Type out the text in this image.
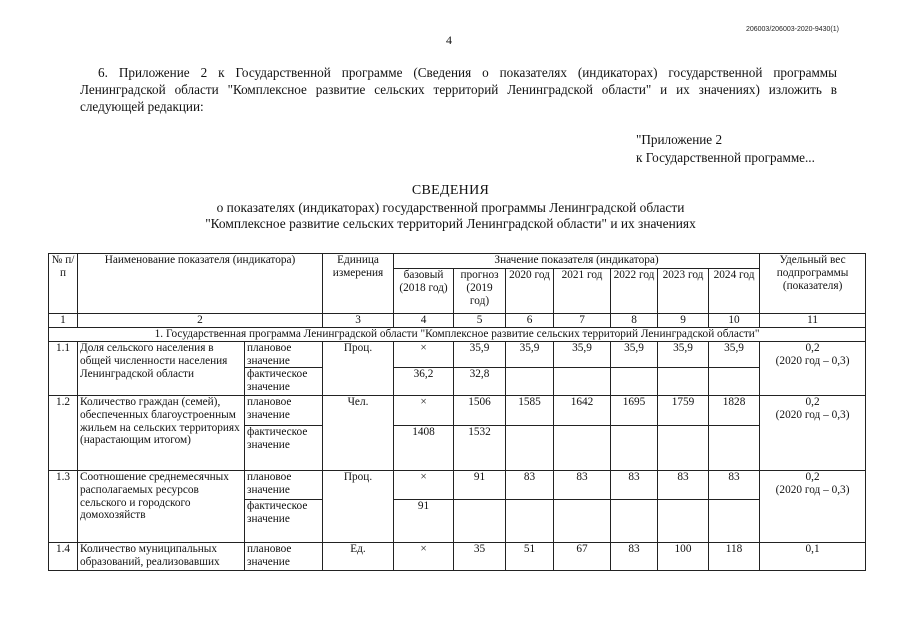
206003/206003-2020-9430(1)
4
6. Приложение 2 к Государственной программе (Сведения о показателях (индикаторах) государственной программы Ленинградской области "Комплексное развитие сельских территорий Ленинградской области" и их значениях) изложить в следующей редакции:
"Приложение 2
к Государственной программе...
СВЕДЕНИЯ
о показателях (индикаторах) государственной программы Ленинградской области
"Комплексное развитие сельских территорий Ленинградской области" и их значениях
№ п/п	Наименование показателя (индикатора)		Единица измерения	Значение показателя (индикатора)							Удельный вес подпрограммы (показателя)
				базовый (2018 год)	прогноз (2019 год)	2020 год	2021 год	2022 год	2023 год	2024 год	
1	2		3	4	5	6	7	8	9	10	11
1. Государственная программа Ленинградской области "Комплексное развитие сельских территорий Ленинградской области"											
1.1	Доля сельского населения в общей численности населения Ленинградской области	плановое значение	Проц.	×	35,9	35,9	35,9	35,9	35,9	35,9	0,2
(2020 год – 0,3)

		фактическое значение		36,2	32,8						
1.2	Количество граждан (семей), обеспеченных благоустроенным жильем на сельских территориях (нарастающим итогом)	плановое значение	Чел.	×	1506	1585	1642	1695	1759	1828	0,2
(2020 год – 0,3)

		фактическое значение		1408	1532						
1.3	Соотношение среднемесячных располагаемых ресурсов сельского и городского домохозяйств	плановое значение	Проц.	×	91	83	83	83	83	83	0,2
(2020 год – 0,3)

		фактическое значение		91							
1.4	Количество муниципальных образований, реализовавших	плановое значение	Ед.	×	35	51	67	83	100	118	0,1
